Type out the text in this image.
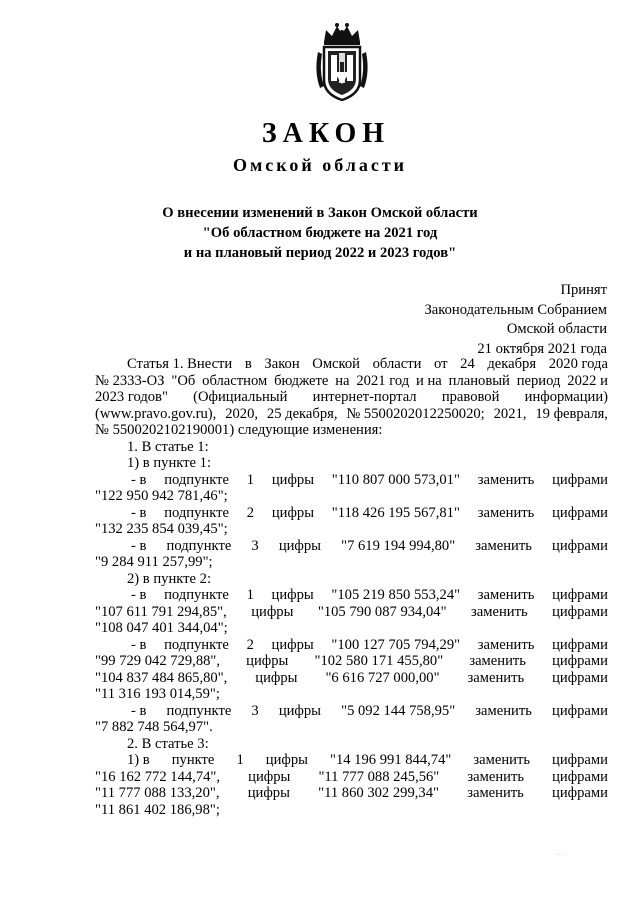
ЗАКОН
Омской области
О внесении изменений в Закон Омской области
"Об областном бюджете на 2021 год
и на плановый период 2022 и 2023 годов"
Принят
Законодательным Собранием
Омской области
21 октября 2021 года
Статья 1. Внести в Закон Омской области от 24 декабря 2020 года
№ 2333-ОЗ "Об областном бюджете на 2021 год и на плановый период 2022 и
2023 годов" (Официальный интернет-портал правовой информации)
(www.pravo.gov.ru), 2020, 25 декабря, № 5500202012250020; 2021, 19 февраля,
№ 5500202102190001) следующие изменения:
1. В статье 1:
1) в пункте 1:
- в подпункте 1 цифры "110 807 000 573,01" заменить цифрами
"122 950 942 781,46";
- в подпункте 2 цифры "118 426 195 567,81" заменить цифрами
"132 235 854 039,45";
- в подпункте 3 цифры "7 619 194 994,80" заменить цифрами
"9 284 911 257,99";
2) в пункте 2:
- в подпункте 1 цифры "105 219 850 553,24" заменить цифрами
"107 611 791 294,85", цифры "105 790 087 934,04" заменить цифрами
"108 047 401 344,04";
- в подпункте 2 цифры "100 127 705 794,29" заменить цифрами
"99 729 042 729,88", цифры "102 580 171 455,80" заменить цифрами
"104 837 484 865,80", цифры "6 616 727 000,00" заменить цифрами
"11 316 193 014,59";
- в подпункте 3 цифры "5 092 144 758,95" заменить цифрами
"7 882 748 564,97".
2. В статье 3:
1) в пункте 1 цифры "14 196 991 844,74" заменить цифрами
"16 162 772 144,74", цифры "11 777 088 245,56" заменить цифрами
"11 777 088 133,20", цифры "11 860 302 299,34" заменить цифрами
"11 861 402 186,98";
· · · ·
